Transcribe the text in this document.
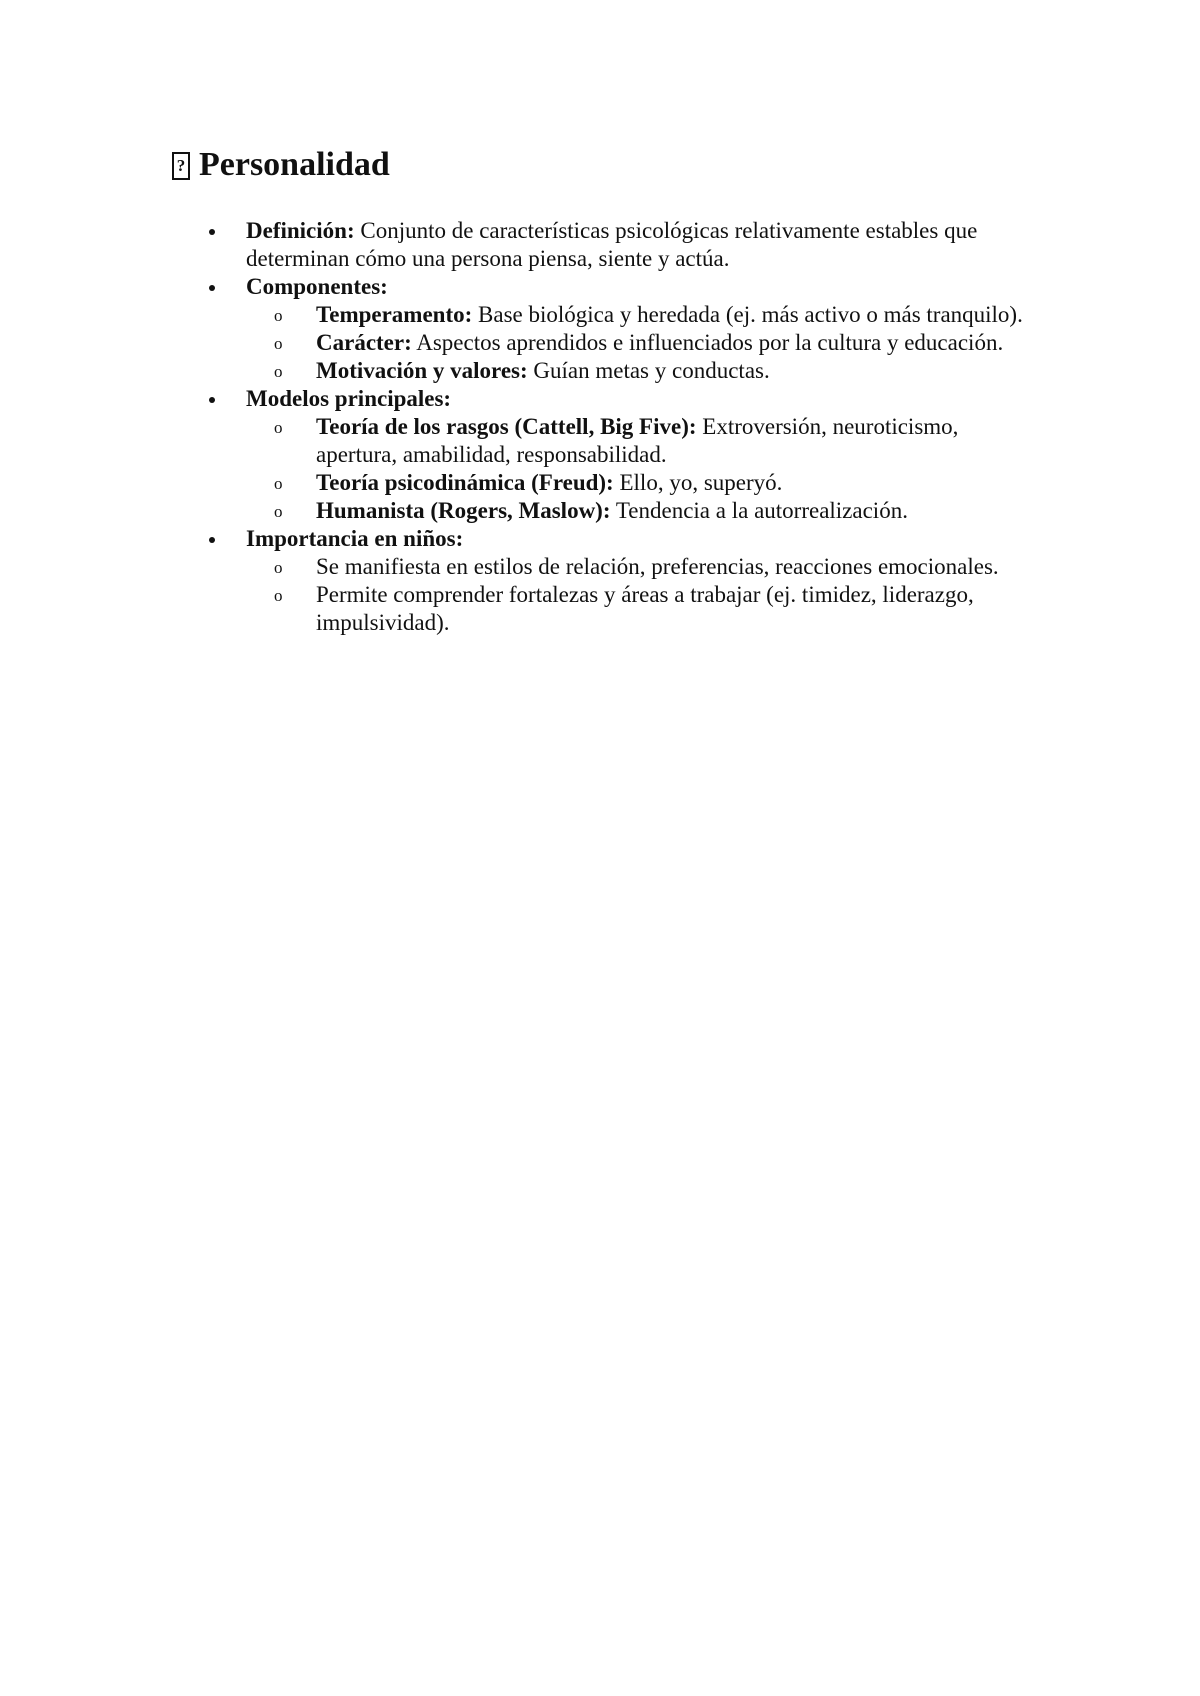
? Personalidad
Definición: Conjunto de características psicológicas relativamente estables que determinan cómo una persona piensa, siente y actúa.
Componentes:
o Temperamento: Base biológica y heredada (ej. más activo o más tranquilo).
o Carácter: Aspectos aprendidos e influenciados por la cultura y educación.
o Motivación y valores: Guían metas y conductas.
Modelos principales:
o Teoría de los rasgos (Cattell, Big Five): Extroversión, neuroticismo, apertura, amabilidad, responsabilidad.
o Teoría psicodinámica (Freud): Ello, yo, superyó.
o Humanista (Rogers, Maslow): Tendencia a la autorrealización.
Importancia en niños:
o Se manifiesta en estilos de relación, preferencias, reacciones emocionales.
o Permite comprender fortalezas y áreas a trabajar (ej. timidez, liderazgo, impulsividad).
